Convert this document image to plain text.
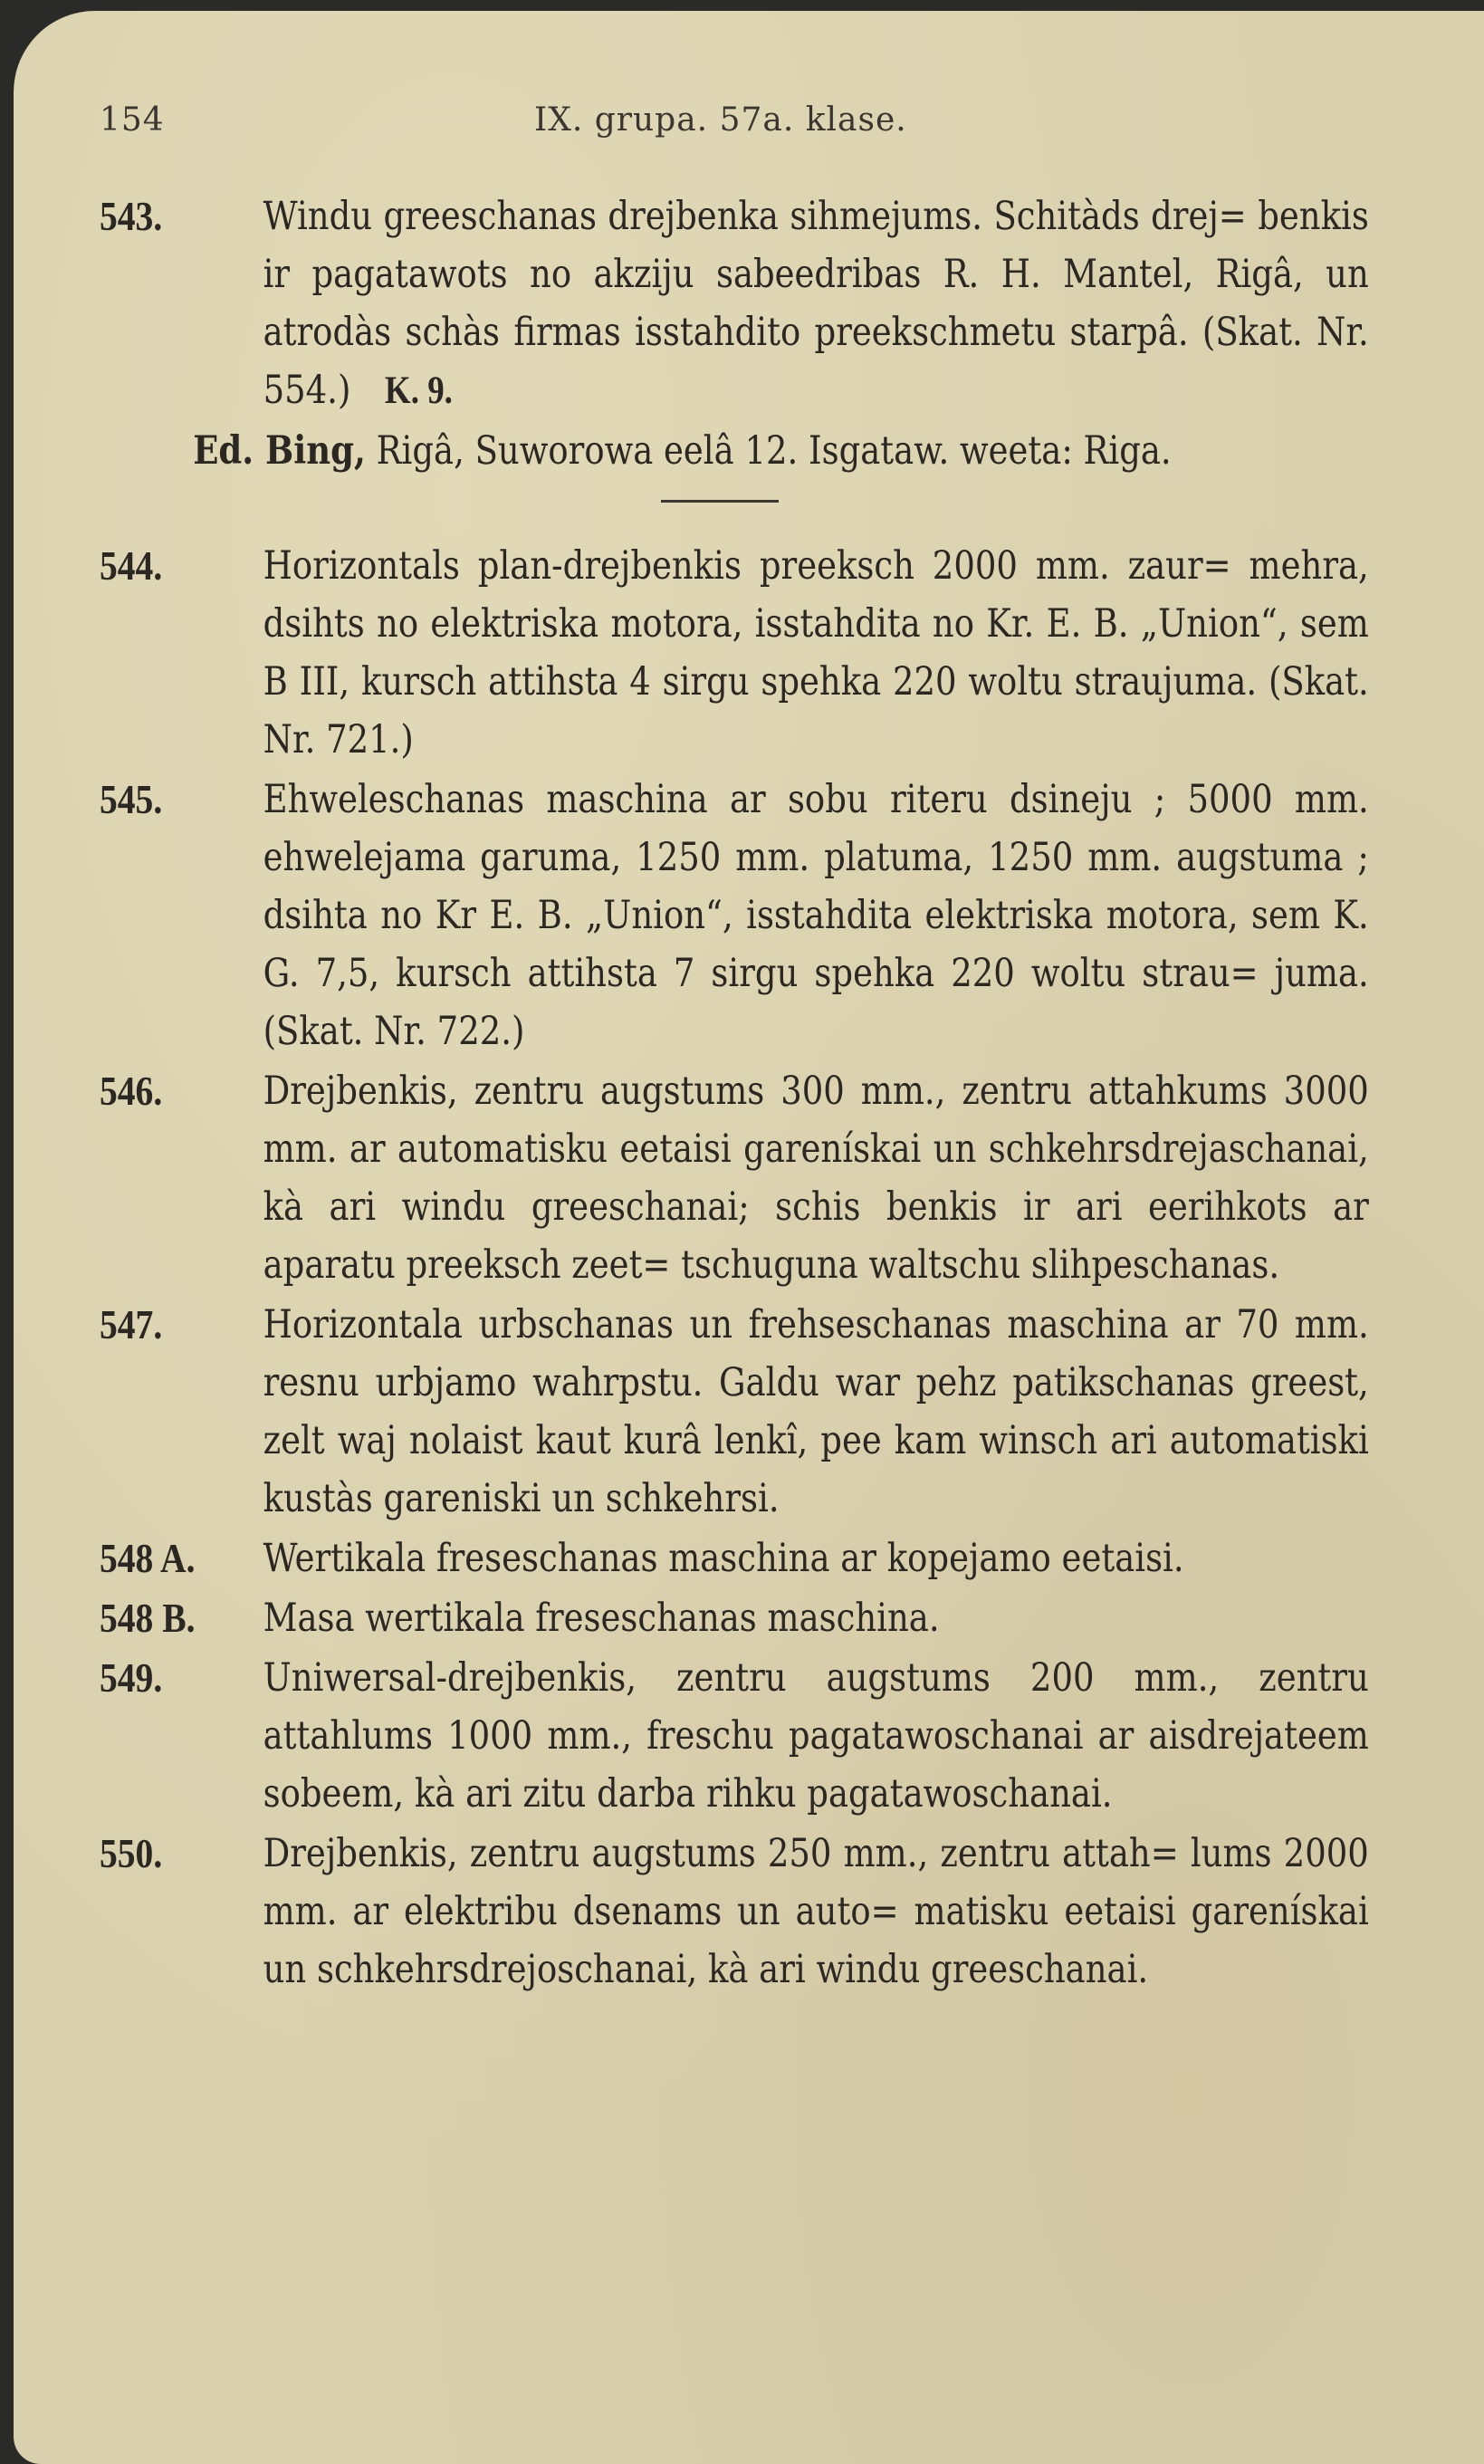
154	IX. grupa. 57a. klase.
543.	Windu greeschanas drejbenka sihmejums. Schitàds drej= benkis ir pagatawots no akziju sabeedribas R. H. Mantel, Rigâ, un atrodàs schàs firmas isstahdito preekschmetu starpâ. (Skat. Nr. 554.) K. 9.
Ed. Bing, Rigâ, Suworowa eelâ 12. Isgataw. weeta: Riga.
544.	Horizontals plan-drejbenkis preeksch 2000 mm. zaur= mehra, dsihts no elektriska motora, isstahdita no Kr. E. B. „Union“, sem B III, kursch attihsta 4 sirgu spehka 220 woltu straujuma. (Skat. Nr. 721.)
545.	Ehweleschanas maschina ar sobu riteru dsineju ; 5000 mm. ehwelejama garuma, 1250 mm. platuma, 1250 mm. augstuma ; dsihta no Kr E. B. „Union“, isstahdita elektriska motora, sem K. G. 7,5, kursch attihsta 7 sirgu spehka 220 woltu strau= juma. (Skat. Nr. 722.)
546.	Drejbenkis, zentru augstums 300 mm., zentru attahkums 3000 mm. ar automatisku eetaisi garenískai un schkehrsdrejaschanai, kà ari windu greeschanai; schis benkis ir ari eerihkots ar aparatu preeksch zeet= tschuguna waltschu slihpeschanas.
547.	Horizontala urbschanas un frehseschanas maschina ar 70 mm. resnu urbjamo wahrpstu. Galdu war pehz patikschanas greest, zelt waj nolaist kaut kurâ lenkî, pee kam winsch ari automatiski kustàs gareniski un schkehrsi.
548 A. Wertikala freseschanas maschina ar kopejamo eetaisi.
548 B. Masa wertikala freseschanas maschina.
549.	Uniwersal-drejbenkis, zentru augstums 200 mm., zentru attahlums 1000 mm., freschu pagatawoschanai ar aisdrejateem sobeem, kà ari zitu darba rihku pagatawoschanai.
550.	Drejbenkis, zentru augstums 250 mm., zentru attah= lums 2000 mm. ar elektribu dsenams un auto= matisku eetaisi garenískai un schkehrsdrejoschanai, kà ari windu greeschanai.
